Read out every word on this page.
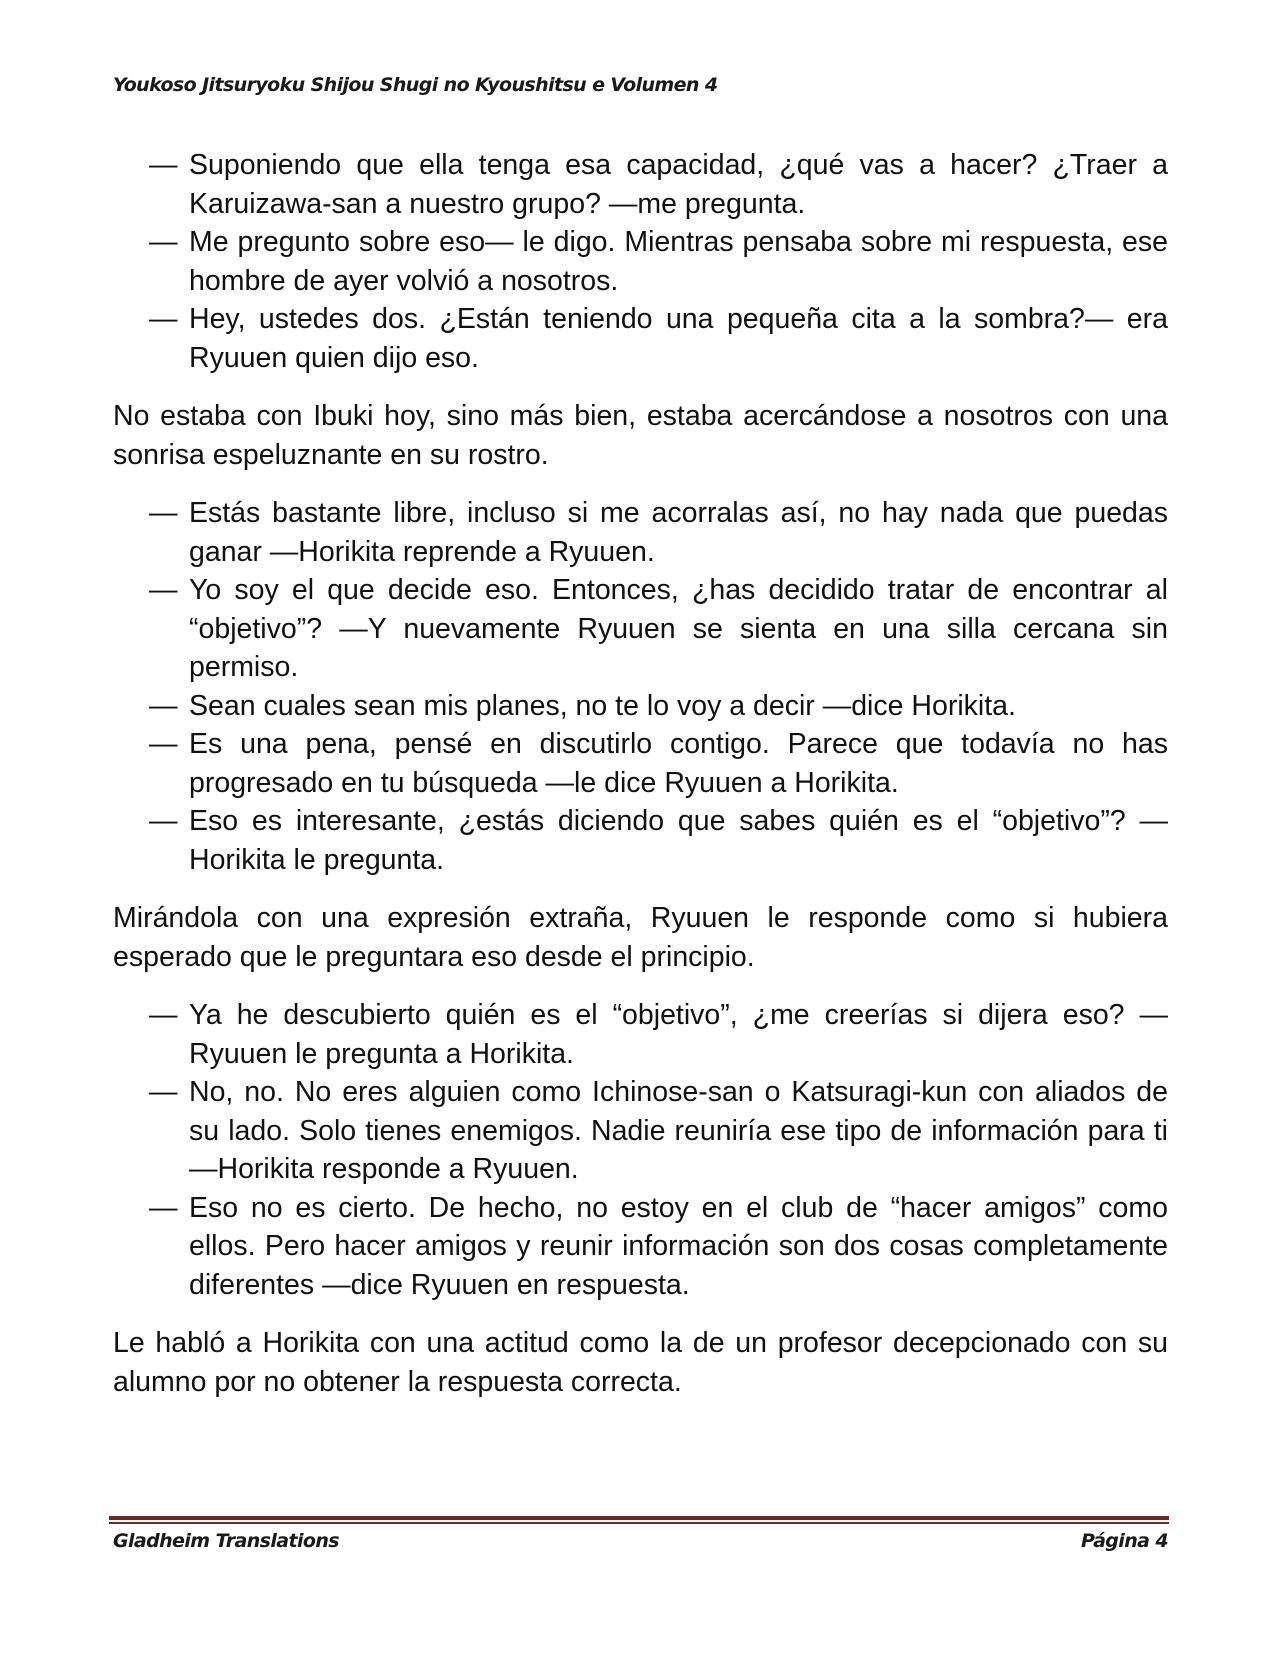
Youkoso Jitsuryoku Shijou Shugi no Kyoushitsu e Volumen 4
— Suponiendo que ella tenga esa capacidad, ¿qué vas a hacer? ¿Traer a Karuizawa-san a nuestro grupo? —me pregunta.
— Me pregunto sobre eso— le digo. Mientras pensaba sobre mi respuesta, ese hombre de ayer volvió a nosotros.
— Hey, ustedes dos. ¿Están teniendo una pequeña cita a la sombra?— era Ryuuen quien dijo eso.

No estaba con Ibuki hoy, sino más bien, estaba acercándose a nosotros con una sonrisa espeluznante en su rostro.

— Estás bastante libre, incluso si me acorralas así, no hay nada que puedas ganar —Horikita reprende a Ryuuen.
— Yo soy el que decide eso. Entonces, ¿has decidido tratar de encontrar al “objetivo”? —Y nuevamente Ryuuen se sienta en una silla cercana sin permiso.
— Sean cuales sean mis planes, no te lo voy a decir —dice Horikita.
— Es una pena, pensé en discutirlo contigo. Parece que todavía no has progresado en tu búsqueda —le dice Ryuuen a Horikita.
— Eso es interesante, ¿estás diciendo que sabes quién es el “objetivo”? — Horikita le pregunta.

Mirándola con una expresión extraña, Ryuuen le responde como si hubiera esperado que le preguntara eso desde el principio.

— Ya he descubierto quién es el “objetivo”, ¿me creerías si dijera eso? — Ryuuen le pregunta a Horikita.
— No, no. No eres alguien como Ichinose-san o Katsuragi-kun con aliados de su lado. Solo tienes enemigos. Nadie reuniría ese tipo de información para ti —Horikita responde a Ryuuen.
— Eso no es cierto. De hecho, no estoy en el club de “hacer amigos” como ellos. Pero hacer amigos y reunir información son dos cosas completamente diferentes —dice Ryuuen en respuesta.

Le habló a Horikita con una actitud como la de un profesor decepcionado con su alumno por no obtener la respuesta correcta.

Gladheim Translations	Página 4
